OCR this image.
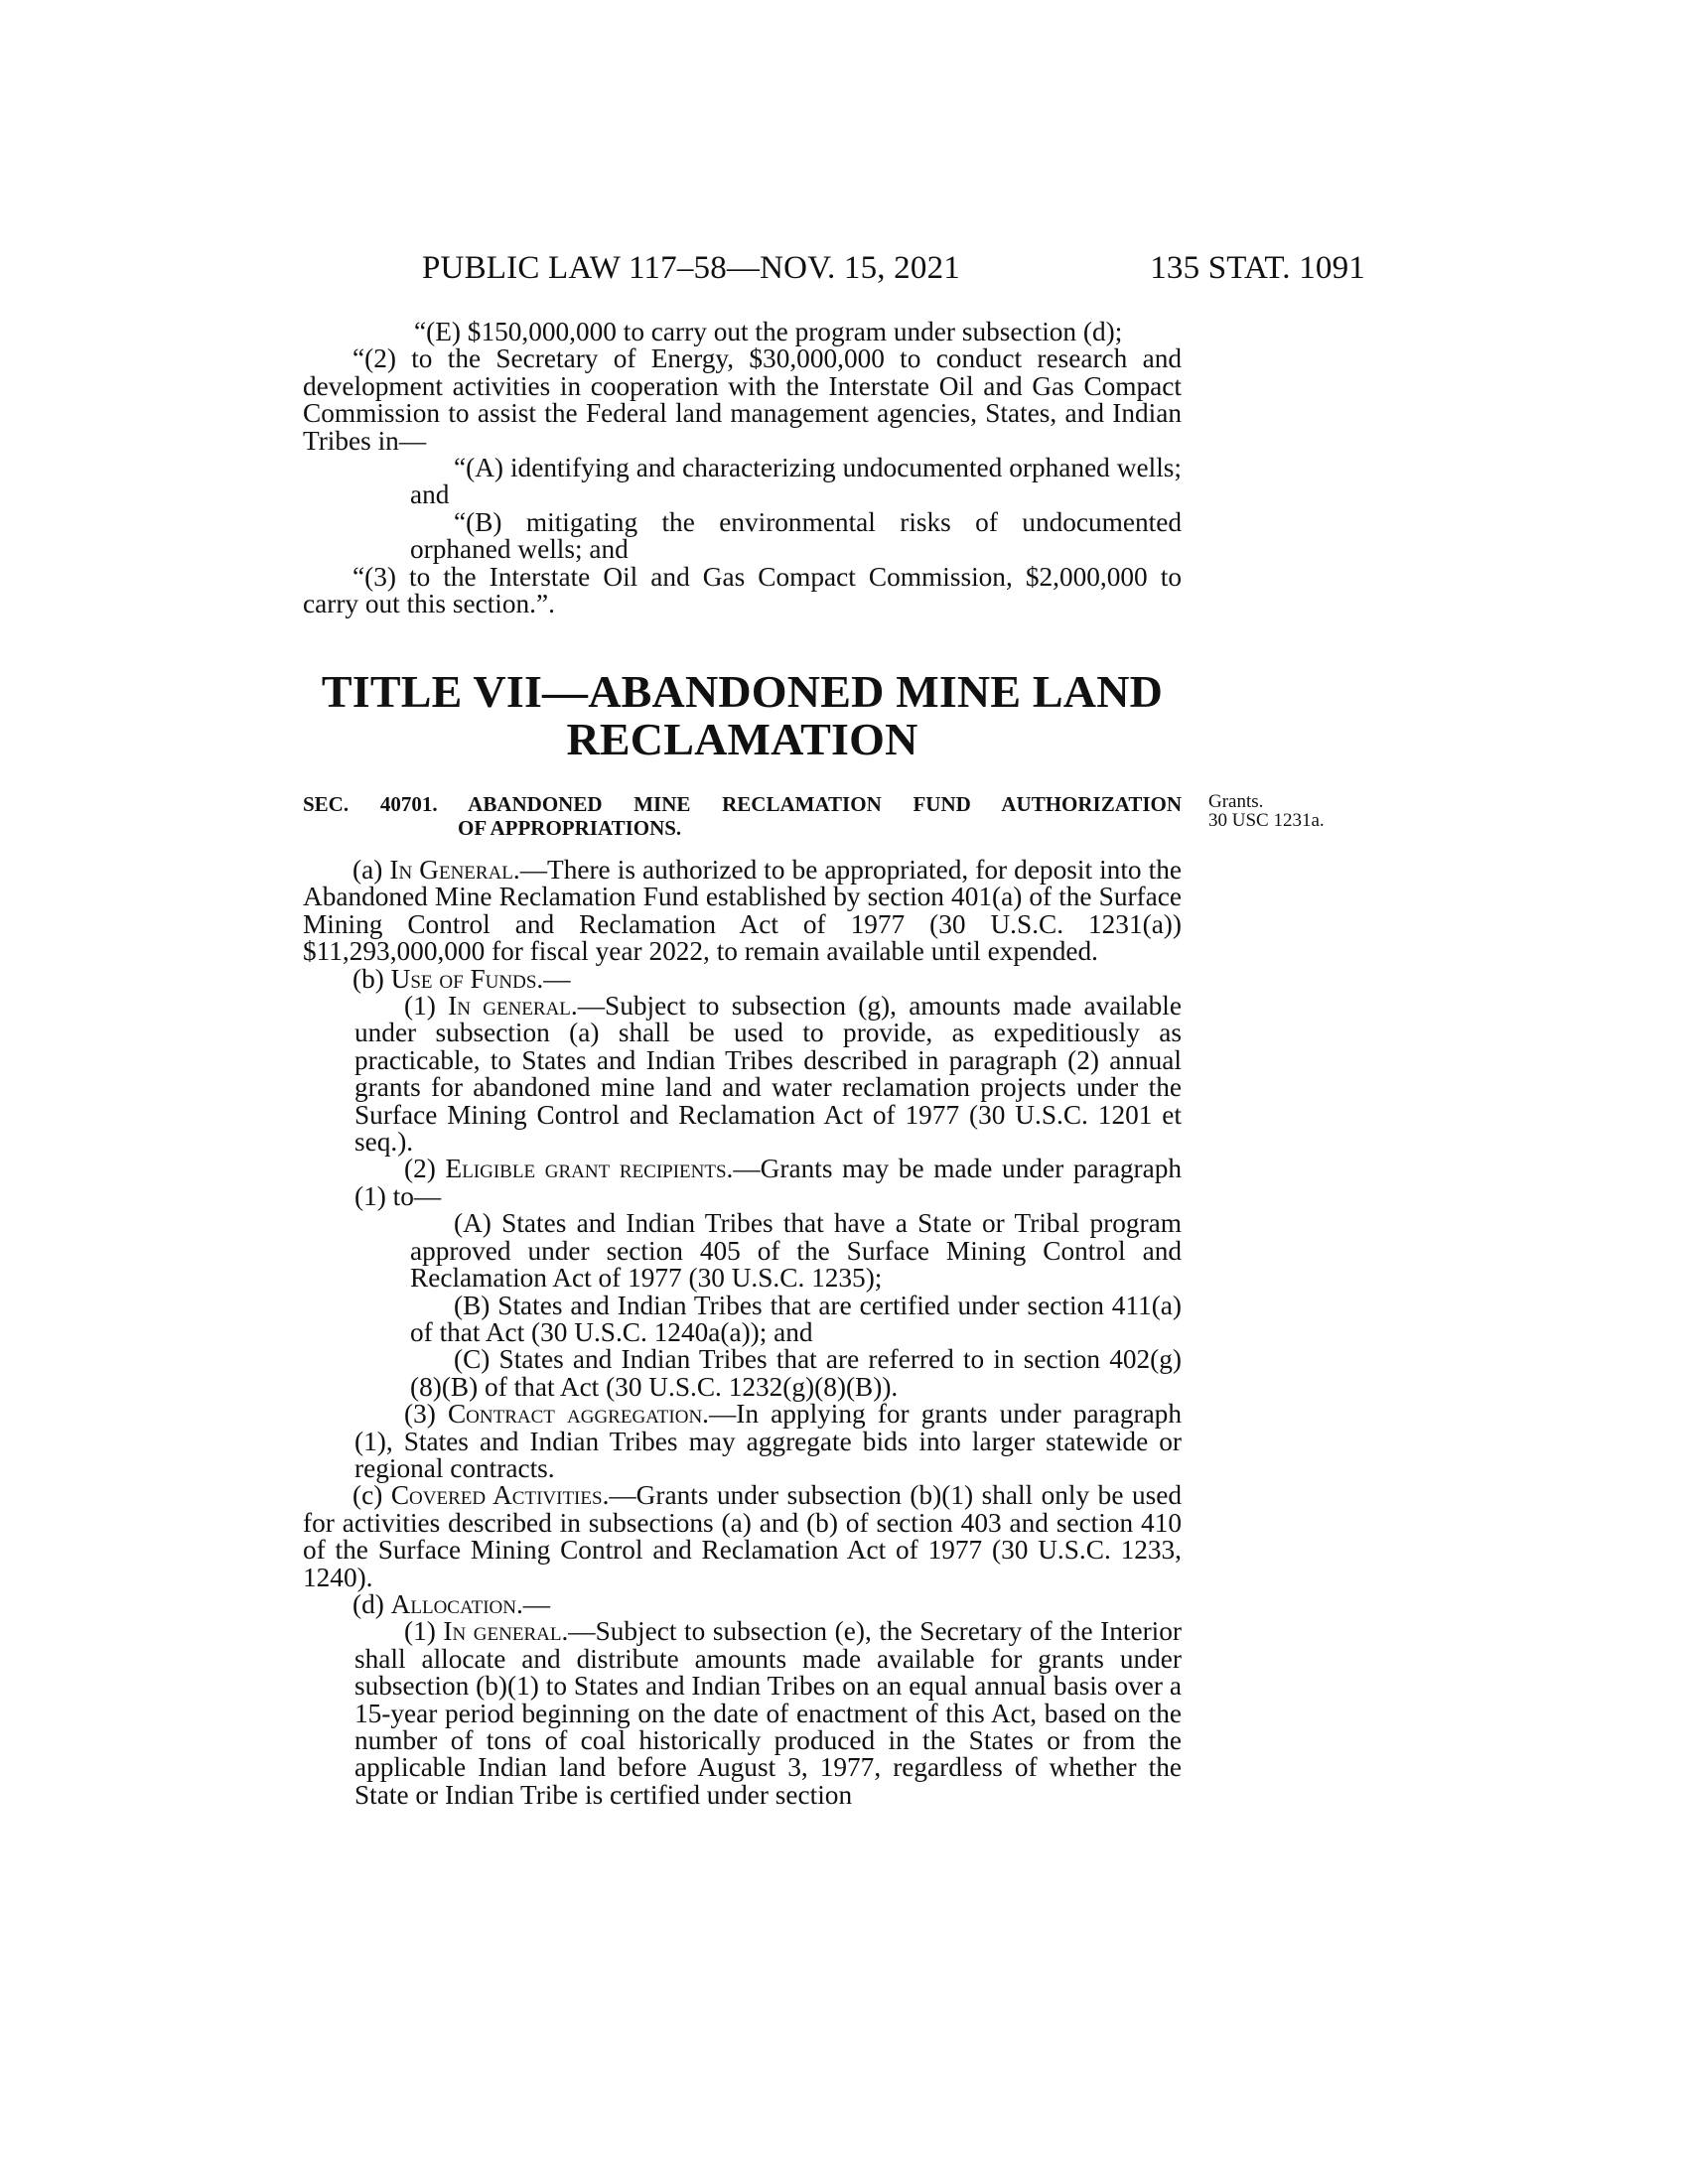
PUBLIC LAW 117–58—NOV. 15, 2021	135 STAT. 1091

“(E) $150,000,000 to carry out the program under subsection (d);

“(2) to the Secretary of Energy, $30,000,000 to conduct research and development activities in cooperation with the Interstate Oil and Gas Compact Commission to assist the Federal land management agencies, States, and Indian Tribes in—

“(A) identifying and characterizing undocumented orphaned wells; and

“(B) mitigating the environmental risks of undocumented orphaned wells; and

“(3) to the Interstate Oil and Gas Compact Commission, $2,000,000 to carry out this section.”.

TITLE VII—ABANDONED MINE LAND
RECLAMATION
SEC. 40701. ABANDONED MINE RECLAMATION FUND AUTHORIZATION
OF APPROPRIATIONS.
Grants.
30 USC 1231a.

(a) In General.—There is authorized to be appropriated, for deposit into the Abandoned Mine Reclamation Fund established by section 401(a) of the Surface Mining Control and Reclamation Act of 1977 (30 U.S.C. 1231(a)) $11,293,000,000 for fiscal year 2022, to remain available until expended.

(b) Use of Funds.—

(1) In general.—Subject to subsection (g), amounts made available under subsection (a) shall be used to provide, as expeditiously as practicable, to States and Indian Tribes described in paragraph (2) annual grants for abandoned mine land and water reclamation projects under the Surface Mining Control and Reclamation Act of 1977 (30 U.S.C. 1201 et seq.).

(2) Eligible grant recipients.—Grants may be made under paragraph (1) to—

(A) States and Indian Tribes that have a State or Tribal program approved under section 405 of the Surface Mining Control and Reclamation Act of 1977 (30 U.S.C. 1235);

(B) States and Indian Tribes that are certified under section 411(a) of that Act (30 U.S.C. 1240a(a)); and

(C) States and Indian Tribes that are referred to in section 402(g)(8)(B) of that Act (30 U.S.C. 1232(g)(8)(B)).

(3) Contract aggregation.—In applying for grants under paragraph (1), States and Indian Tribes may aggregate bids into larger statewide or regional contracts.

(c) Covered Activities.—Grants under subsection (b)(1) shall only be used for activities described in subsections (a) and (b) of section 403 and section 410 of the Surface Mining Control and Reclamation Act of 1977 (30 U.S.C. 1233, 1240).

(d) Allocation.—

(1) In general.—Subject to subsection (e), the Secretary of the Interior shall allocate and distribute amounts made available for grants under subsection (b)(1) to States and Indian Tribes on an equal annual basis over a 15-year period beginning on the date of enactment of this Act, based on the number of tons of coal historically produced in the States or from the applicable Indian land before August 3, 1977, regardless of whether the State or Indian Tribe is certified under section
